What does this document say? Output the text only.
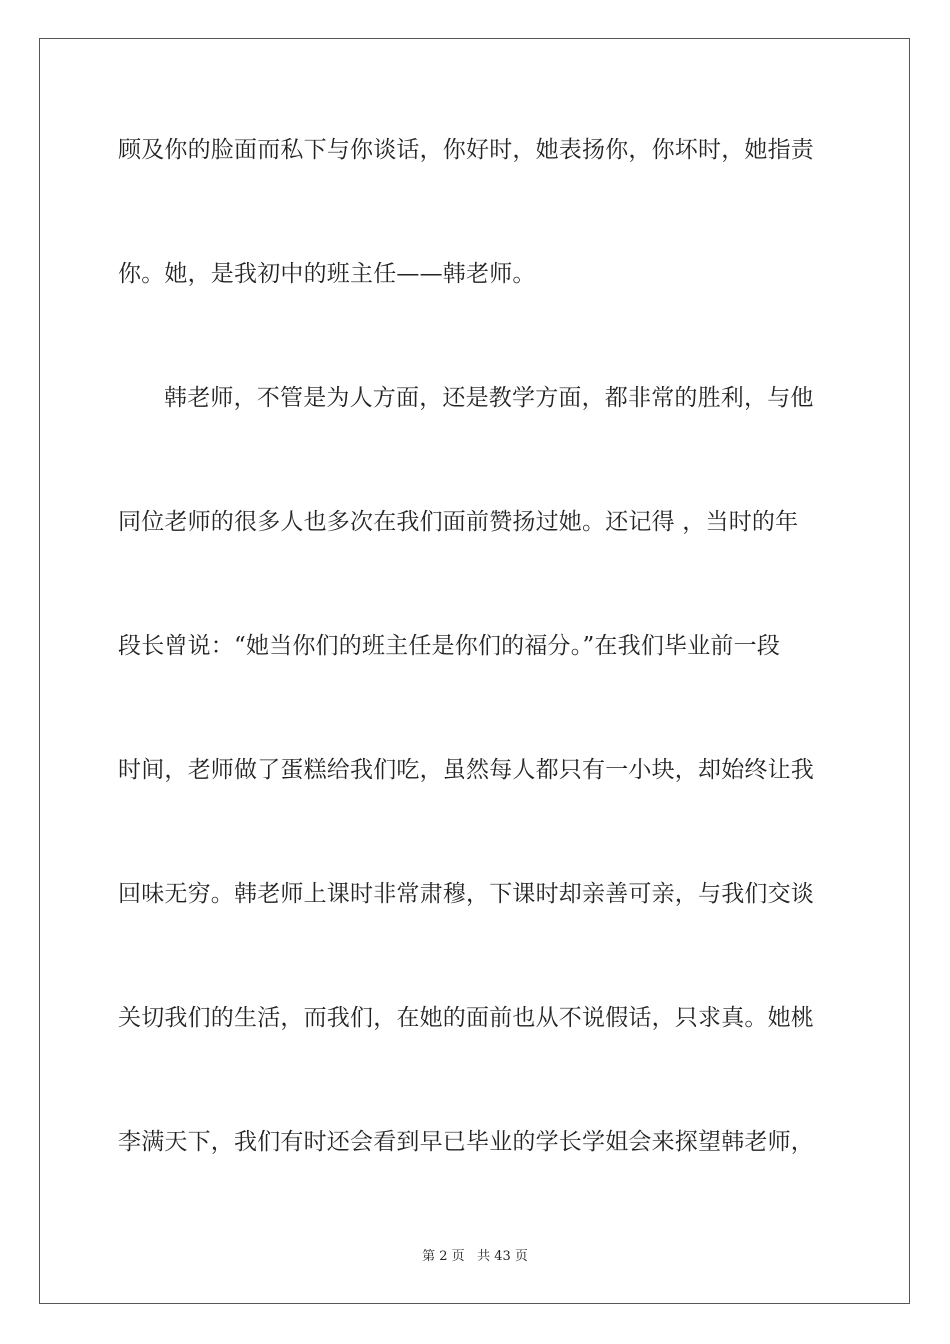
顾及你的脸面而私下与你谈话，你好时，她表扬你，你坏时，她指责
你。她，是我初中的班主任——韩老师。
韩老师，不管是为人方面，还是教学方面，都非常的胜利，与他
同位老师的很多人也多次在我们面前赞扬过她。还记得 ，当时的年
段长曾说：“她当你们的班主任是你们的福分。”在我们毕业前一段
时间，老师做了蛋糕给我们吃，虽然每人都只有一小块，却始终让我
回味无穷。韩老师上课时非常肃穆，下课时却亲善可亲，与我们交谈
关切我们的生活，而我们，在她的面前也从不说假话，只求真。她桃
李满天下，我们有时还会看到早已毕业的学长学姐会来探望韩老师，
第 2 页 共 43 页
